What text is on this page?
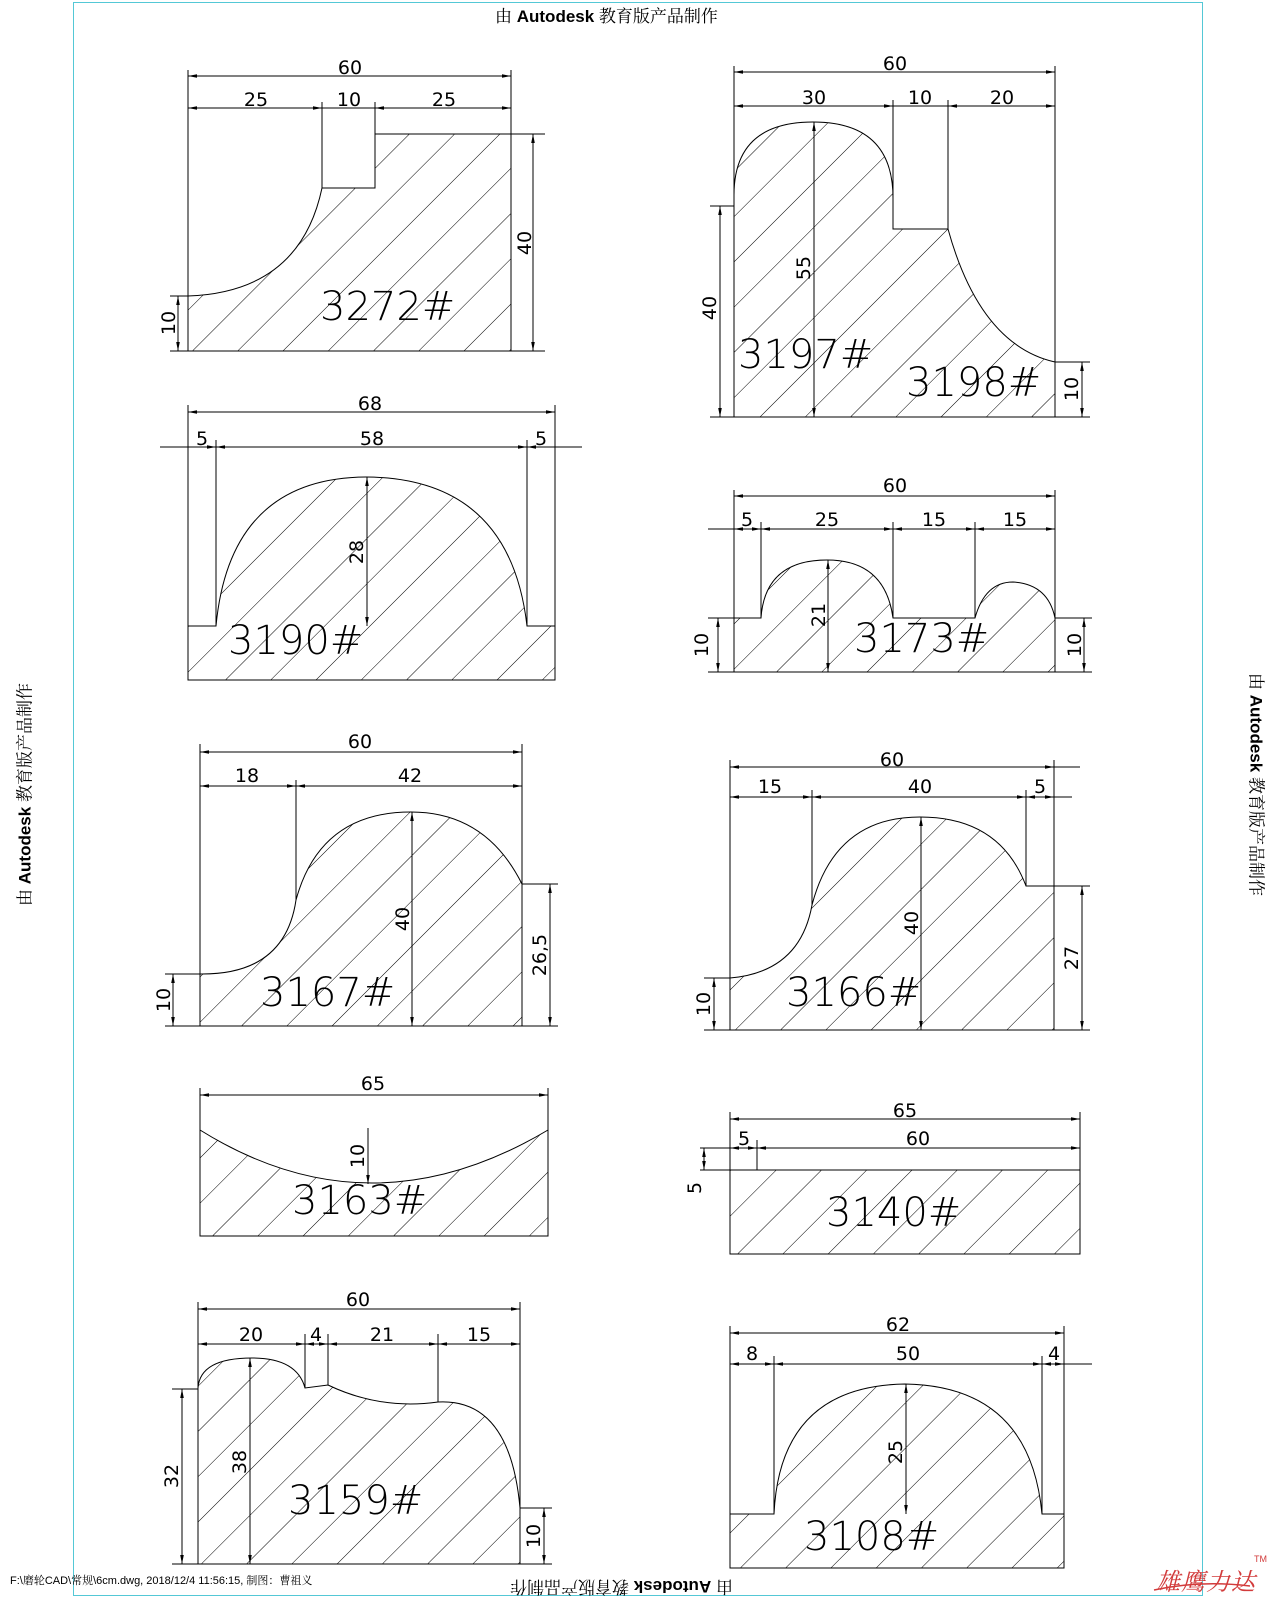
由 Autodesk 教育版产品制作
由 Autodesk 教育版产品制作
由 Autodesk 教育版产品制作	由 Autodesk 教育版产品制作
60
25	10	25
40
10	3272#
60
30	10	20
55
40
10
3197#
3198#
68
5	58	5
28
3190#
60
5	25	15	15
21
10	10
3173#
60
18	42
40
26,5
10 3167#
60
15	40	5
40
27
10 3166#
65
10
3163#
65
5	60
5
3140#
60
20 4	21	15
38
32
10
3159#
62
8	50	4
25
3108#
F:\磨轮CAD\常规\6cm.dwg, 2018/12/4 11:56:15, 制图：曹祖义	雄鹰力达
TM
